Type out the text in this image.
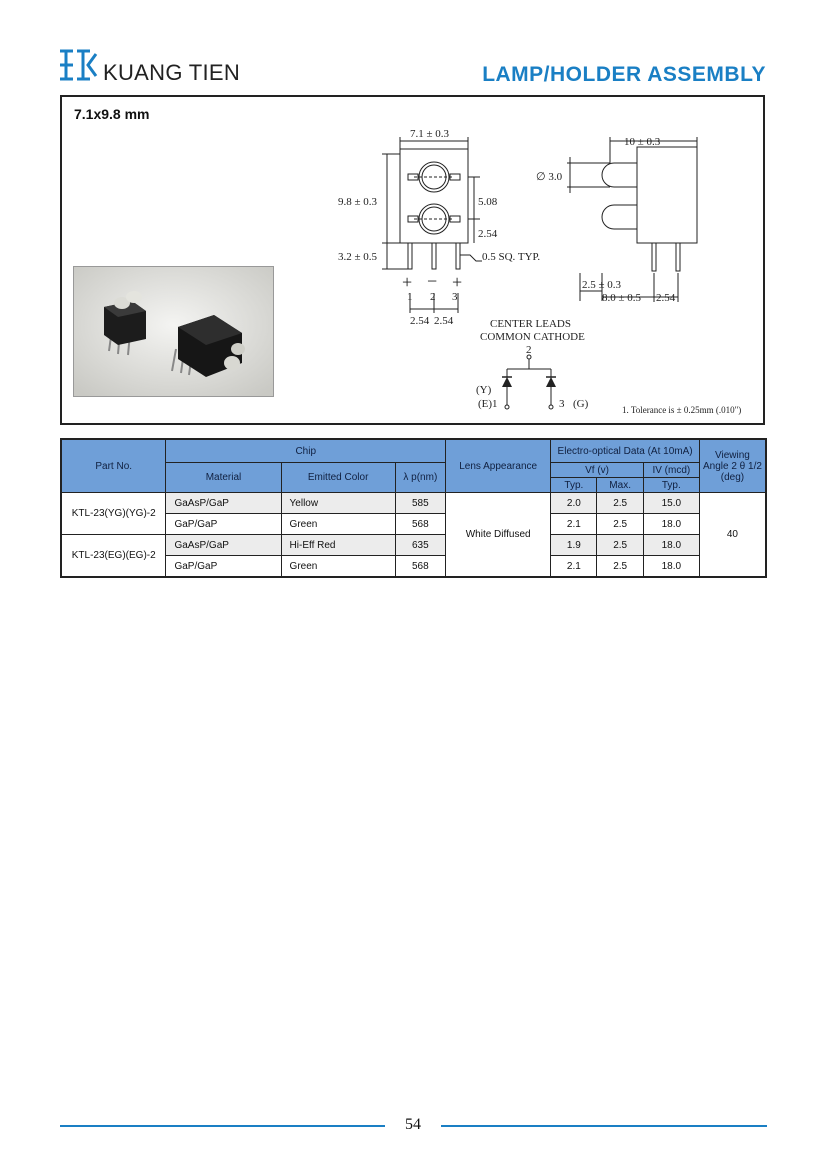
KUANG TIEN	LAMP/HOLDER ASSEMBLY
7.1x9.8 mm
7.1 ± 0.3
9.8 ± 0.3	5.08
2.54
3.2 ± 0.5	0.5 SQ. TYP.
+ − +
1 2 3
2.54 2.54
10 ± 0.3
∅ 3.0
2.5 ± 0.3
8.0 ± 0.5 2.54
CENTER LEADS
COMMON CATHODE
2
(Y)
(E)1	3 (G)	1. Tolerance is ± 0.25mm (.010")
Part No.	Chip			Lens Appearance	Electro-optical Data (At 10mA)			Viewing Angle 2 θ 1/2 (deg)
	Material	Emitted Color	λ p(nm)		Vf (v)		IV (mcd)	
					Typ.	Max.	Typ.	
KTL-23(YG)(YG)-2	GaAsP/GaP	Yellow	585	White Diffused	2.0	2.5	15.0	40
	GaP/GaP	Green	568		2.1	2.5	18.0	
KTL-23(EG)(EG)-2	GaAsP/GaP	Hi-Eff Red	635		1.9	2.5	18.0	
	GaP/GaP	Green	568		2.1	2.5	18.0	
54
